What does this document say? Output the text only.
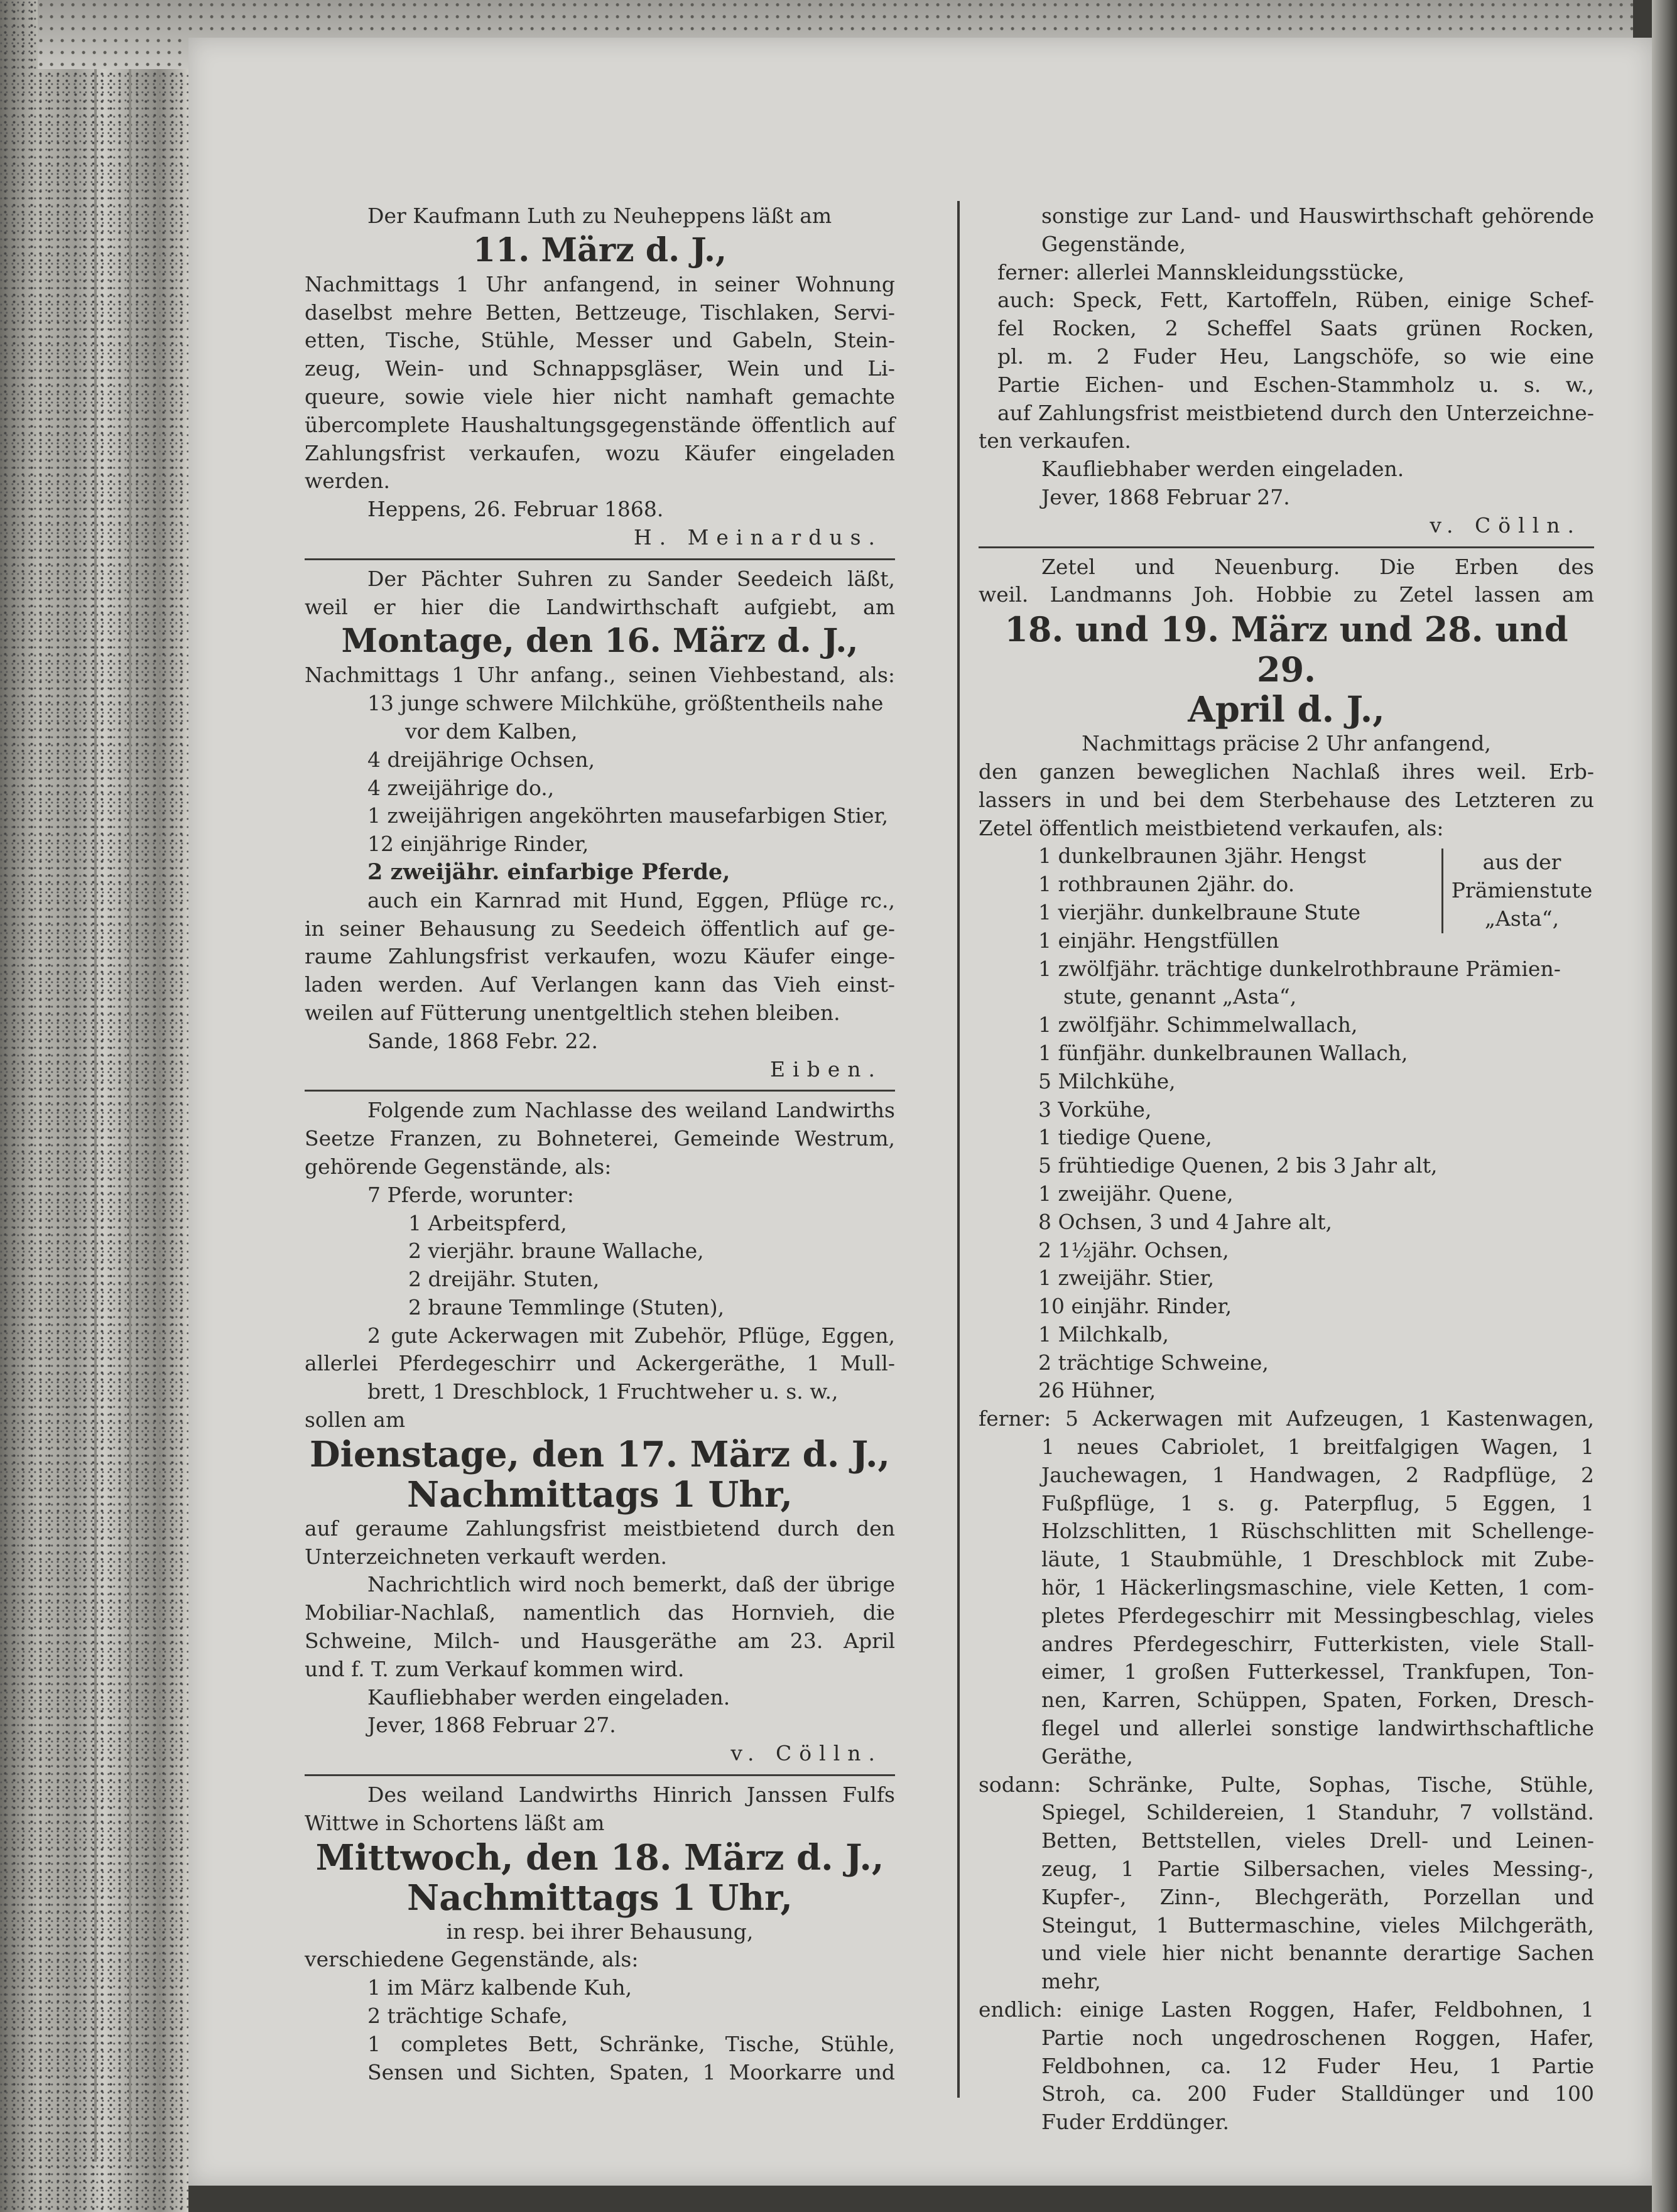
Der Kaufmann Luth zu Neuheppens läßt am

11. März d. J.,

Nachmittags 1 Uhr anfangend, in seiner Wohnung

daselbst mehre Betten, Bettzeuge, Tischlaken, Servi-

etten, Tische, Stühle, Messer und Gabeln, Stein-

zeug, Wein- und Schnappsgläser, Wein und Li-

queure, sowie viele hier nicht namhaft gemachte

übercomplete Haushaltungsgegenstände öffentlich auf

Zahlungsfrist verkaufen, wozu Käufer eingeladen

werden.

Heppens, 26. Februar 1868.

H. Meinardus.

Der Pächter Suhren zu Sander Seedeich läßt,

weil er hier die Landwirthschaft aufgiebt, am

Montage, den 16. März d. J.,

Nachmittags 1 Uhr anfang., seinen Viehbestand, als:

13 junge schwere Milchkühe, größtentheils nahe

vor dem Kalben,

4 dreijährige Ochsen,

4 zweijährige do.,

1 zweijährigen angeköhrten mausefarbigen Stier,

12 einjährige Rinder,

2 zweijähr. einfarbige Pferde,

auch ein Karnrad mit Hund, Eggen, Pflüge rc.,

in seiner Behausung zu Seedeich öffentlich auf ge-

raume Zahlungsfrist verkaufen, wozu Käufer einge-

laden werden. Auf Verlangen kann das Vieh einst-

weilen auf Fütterung unentgeltlich stehen bleiben.

Sande, 1868 Febr. 22.

Eiben.

Folgende zum Nachlasse des weiland Landwirths

Seetze Franzen, zu Bohneterei, Gemeinde Westrum,

gehörende Gegenstände, als:

7 Pferde, worunter:

1 Arbeitspferd,

2 vierjähr. braune Wallache,

2 dreijähr. Stuten,

2 braune Temmlinge (Stuten),

2 gute Ackerwagen mit Zubehör, Pflüge, Eggen,

allerlei Pferdegeschirr und Ackergeräthe, 1 Mull-

brett, 1 Dreschblock, 1 Fruchtweher u. s. w.,

sollen am

Dienstage, den 17. März d. J.,

Nachmittags 1 Uhr,

auf geraume Zahlungsfrist meistbietend durch den

Unterzeichneten verkauft werden.

Nachrichtlich wird noch bemerkt, daß der übrige

Mobiliar-Nachlaß, namentlich das Hornvieh, die

Schweine, Milch- und Hausgeräthe am 23. April

und f. T. zum Verkauf kommen wird.

Kaufliebhaber werden eingeladen.

Jever, 1868 Februar 27.

v. Cölln.

Des weiland Landwirths Hinrich Janssen Fulfs

Wittwe in Schortens läßt am

Mittwoch, den 18. März d. J.,

Nachmittags 1 Uhr,

in resp. bei ihrer Behausung,

verschiedene Gegenstände, als:

1 im März kalbende Kuh,

2 trächtige Schafe,

1 completes Bett, Schränke, Tische, Stühle,

Sensen und Sichten, Spaten, 1 Moorkarre und

sonstige zur Land- und Hauswirthschaft gehörende

Gegenstände,

ferner: allerlei Mannskleidungsstücke,

auch: Speck, Fett, Kartoffeln, Rüben, einige Schef-

fel Rocken, 2 Scheffel Saats grünen Rocken,

pl. m. 2 Fuder Heu, Langschöfe, so wie eine

Partie Eichen- und Eschen-Stammholz u. s. w.,

auf Zahlungsfrist meistbietend durch den Unterzeichne-

ten verkaufen.

Kaufliebhaber werden eingeladen.

Jever, 1868 Februar 27.

v. Cölln.

Zetel und Neuenburg. Die Erben des

weil. Landmanns Joh. Hobbie zu Zetel lassen am

18. und 19. März und 28. und 29.

April d. J.,

Nachmittags präcise 2 Uhr anfangend,

den ganzen beweglichen Nachlaß ihres weil. Erb-

lassers in und bei dem Sterbehause des Letzteren zu

Zetel öffentlich meistbietend verkaufen, als:

1 dunkelbraunen 3jähr. Hengst

1 rothbraunen 2jähr. do.

1 vierjähr. dunkelbraune Stute

1 einjähr. Hengstfüllen

aus der

Prämienstute

„Asta“,

1 zwölfjähr. trächtige dunkelrothbraune Prämien-

stute, genannt „Asta“,

1 zwölfjähr. Schimmelwallach,

1 fünfjähr. dunkelbraunen Wallach,

5 Milchkühe,

3 Vorkühe,

1 tiedige Quene,

5 frühtiedige Quenen, 2 bis 3 Jahr alt,

1 zweijähr. Quene,

8 Ochsen, 3 und 4 Jahre alt,

2 1½jähr. Ochsen,

1 zweijähr. Stier,

10 einjähr. Rinder,

1 Milchkalb,

2 trächtige Schweine,

26 Hühner,

ferner: 5 Ackerwagen mit Aufzeugen, 1 Kastenwagen,

1 neues Cabriolet, 1 breitfalgigen Wagen, 1

Jauchewagen, 1 Handwagen, 2 Radpflüge, 2

Fußpflüge, 1 s. g. Paterpflug, 5 Eggen, 1

Holzschlitten, 1 Rüschschlitten mit Schellenge-

läute, 1 Staubmühle, 1 Dreschblock mit Zube-

hör, 1 Häckerlingsmaschine, viele Ketten, 1 com-

pletes Pferdegeschirr mit Messingbeschlag, vieles

andres Pferdegeschirr, Futterkisten, viele Stall-

eimer, 1 großen Futterkessel, Trankfupen, Ton-

nen, Karren, Schüppen, Spaten, Forken, Dresch-

flegel und allerlei sonstige landwirthschaftliche

Geräthe,

sodann: Schränke, Pulte, Sophas, Tische, Stühle,

Spiegel, Schildereien, 1 Standuhr, 7 vollständ.

Betten, Bettstellen, vieles Drell- und Leinen-

zeug, 1 Partie Silbersachen, vieles Messing-,

Kupfer-, Zinn-, Blechgeräth, Porzellan und

Steingut, 1 Buttermaschine, vieles Milchgeräth,

und viele hier nicht benannte derartige Sachen

mehr,

endlich: einige Lasten Roggen, Hafer, Feldbohnen, 1

Partie noch ungedroschenen Roggen, Hafer,

Feldbohnen, ca. 12 Fuder Heu, 1 Partie

Stroh, ca. 200 Fuder Stalldünger und 100

Fuder Erddünger.
